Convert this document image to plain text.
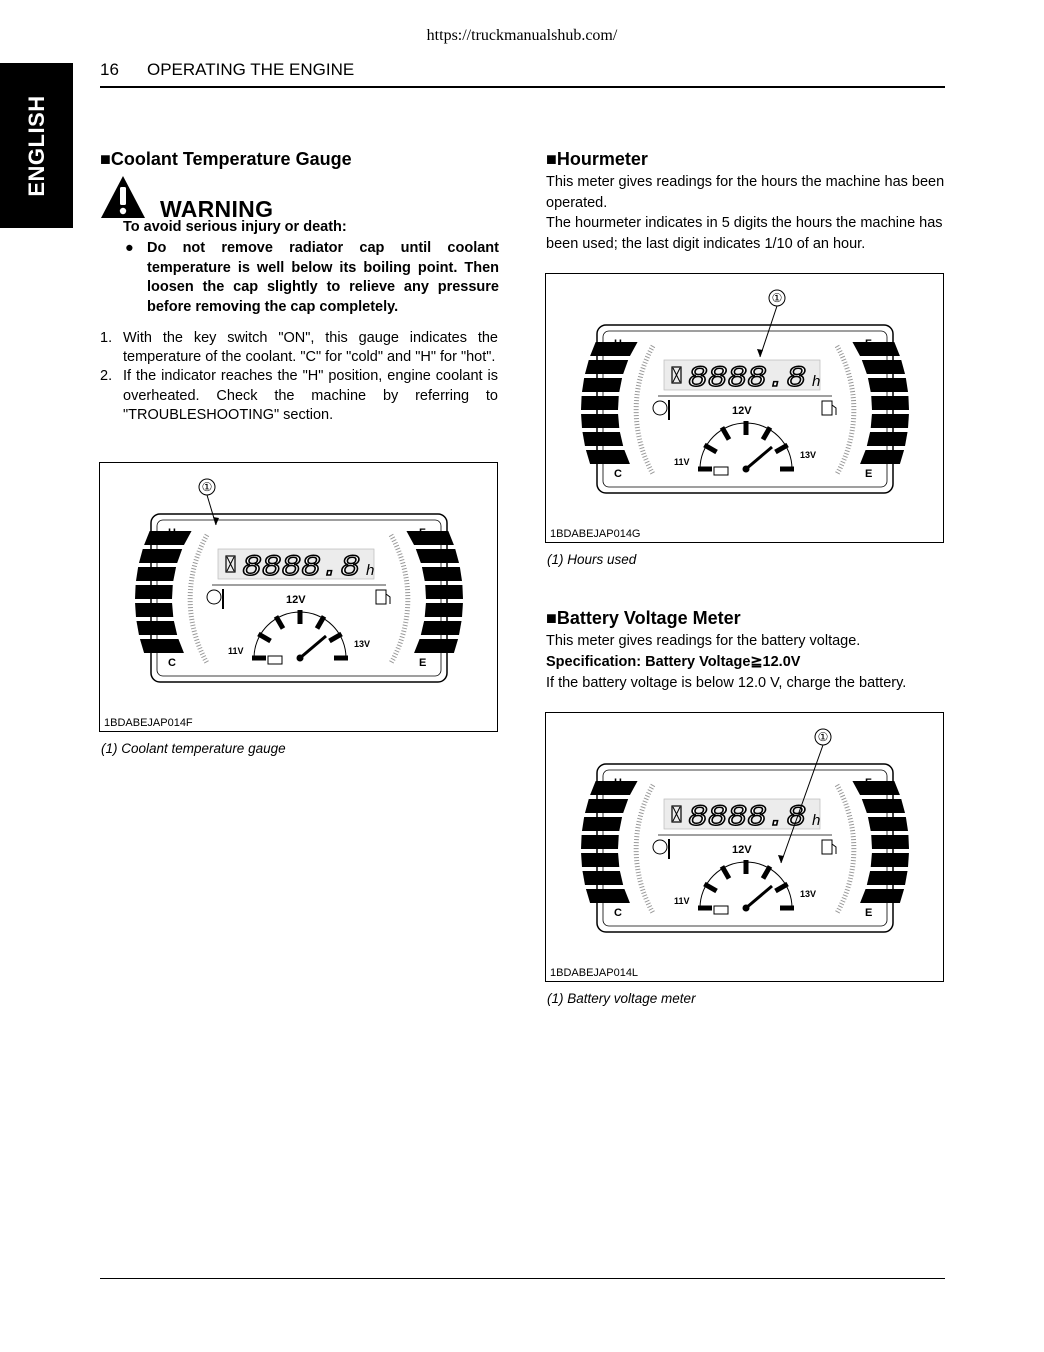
https://truckmanualshub.com/
ENGLISH
16 OPERATING THE ENGINE
■Coolant Temperature Gauge
WARNING
To avoid serious injury or death:
● Do not remove radiator cap until coolant temperature is well below its boiling point. Then loosen the cap slightly to relieve any pressure before removing the cap completely.
1. With the key switch "ON", this gauge indicates the temperature of the coolant. "C" for "cold" and "H" for "hot".
2. If the indicator reaches the "H" position, engine coolant is overheated. Check the machine by referring to "TROUBLESHOOTING" section.
H
C
F
E
8888.8 h
12V
11V
13V
①
1BDABEJAP014F
(1) Coolant temperature gauge
■Hourmeter
This meter gives readings for the hours the machine has been operated.
The hourmeter indicates in 5 digits the hours the machine has been used; the last digit indicates 1/10 of an hour.
H
C
F
E
8888.8 h
12V
11V
13V
①
1BDABEJAP014G
(1) Hours used
■Battery Voltage Meter
This meter gives readings for the battery voltage.
Specification: Battery Voltage≧12.0V
If the battery voltage is below 12.0 V, charge the battery.
H
C
F
E
8888.8 h
12V
11V
13V
①
1BDABEJAP014L
(1) Battery voltage meter
